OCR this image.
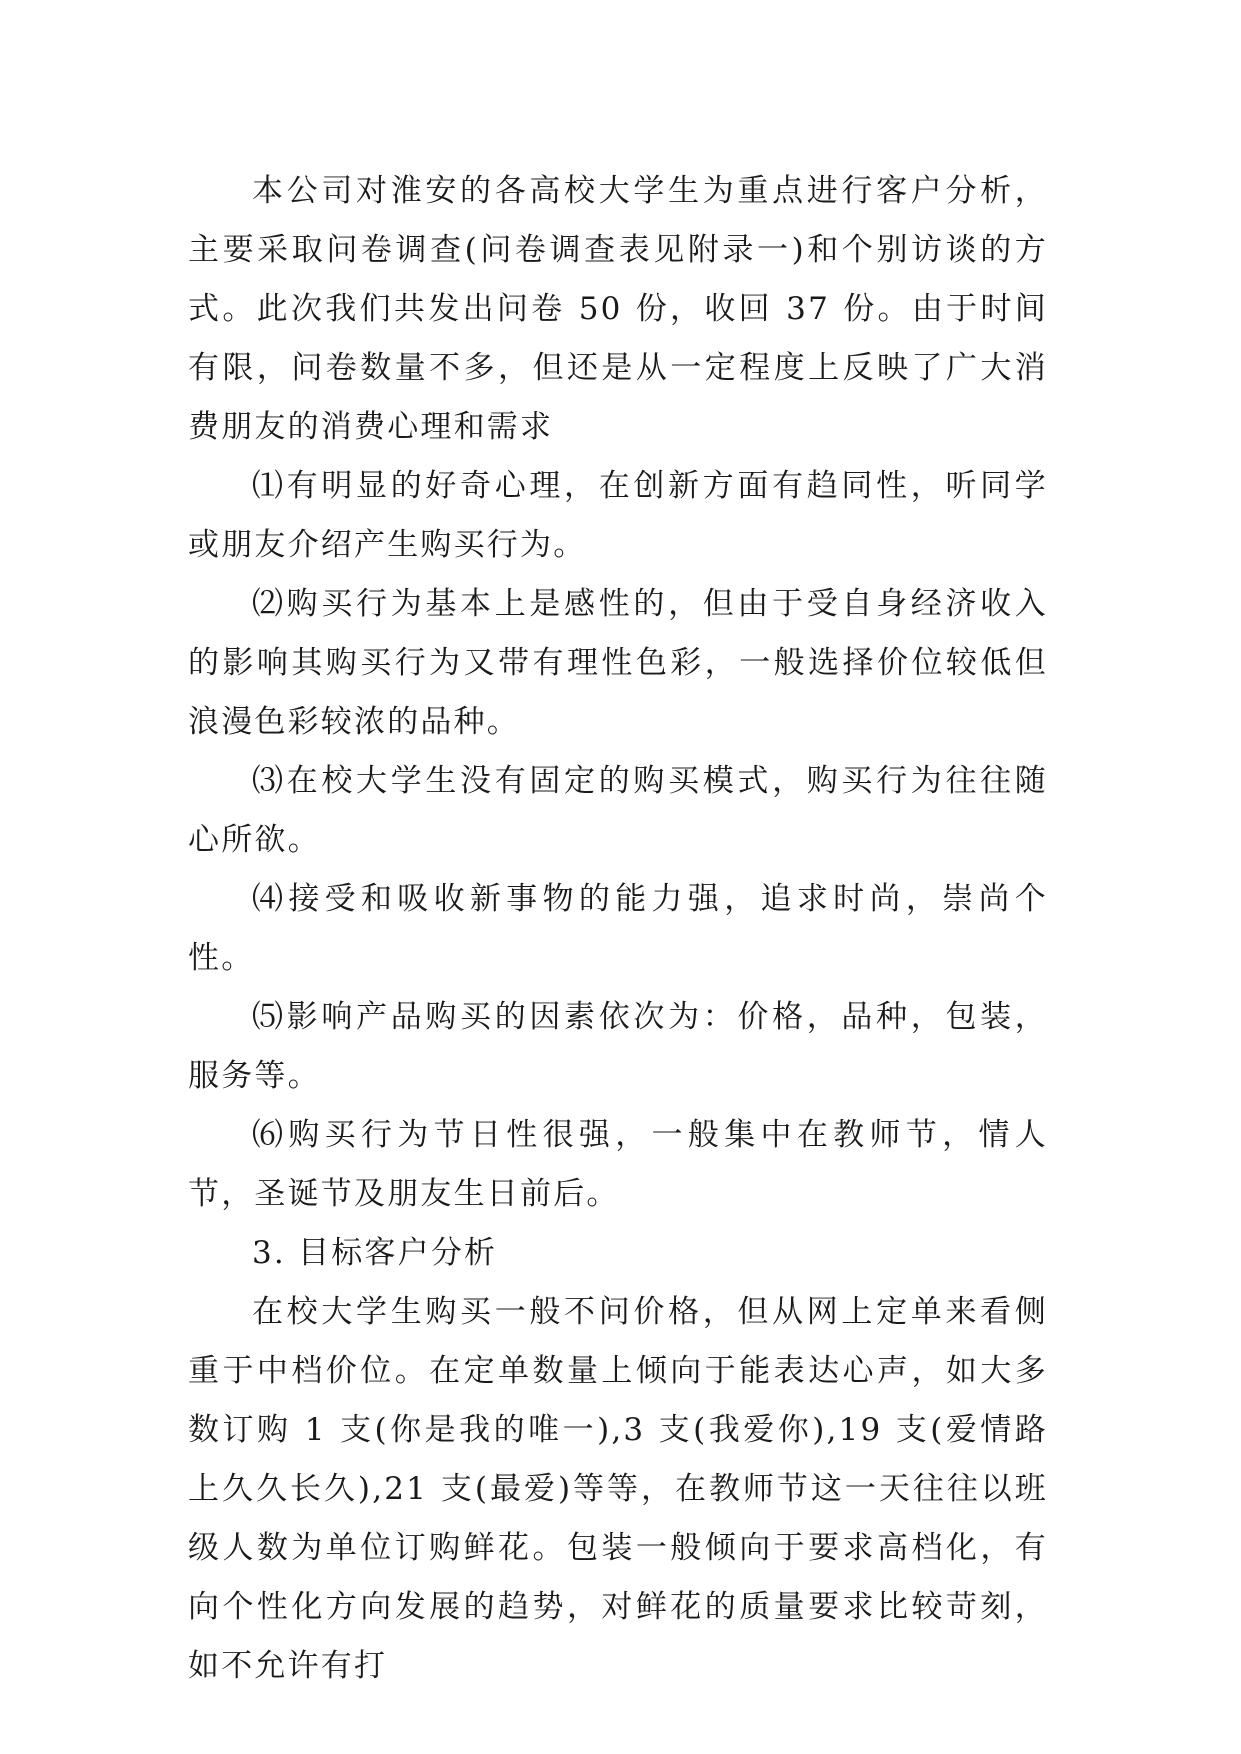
本公司对淮安的各高校大学生为重点进行客户分析，主要采取问卷调查(问卷调查表见附录一)和个别访谈的方式。此次我们共发出问卷 50 份，收回 37 份。由于时间有限，问卷数量不多，但还是从一定程度上反映了广大消费朋友的消费心理和需求

⑴有明显的好奇心理，在创新方面有趋同性，听同学或朋友介绍产生购买行为。

⑵购买行为基本上是感性的，但由于受自身经济收入的影响其购买行为又带有理性色彩，一般选择价位较低但浪漫色彩较浓的品种。

⑶在校大学生没有固定的购买模式，购买行为往往随心所欲。

⑷接受和吸收新事物的能力强，追求时尚，崇尚个性。

⑸影响产品购买的因素依次为：价格，品种，包装，服务等。

⑹购买行为节日性很强，一般集中在教师节，情人节，圣诞节及朋友生日前后。

3. 目标客户分析

在校大学生购买一般不问价格，但从网上定单来看侧重于中档价位。在定单数量上倾向于能表达心声，如大多数订购 1 支(你是我的唯一),3 支(我爱你),19 支(爱情路上久久长久),21 支(最爱)等等，在教师节这一天往往以班级人数为单位订购鲜花。包装一般倾向于要求高档化，有向个性化方向发展的趋势，对鲜花的质量要求比较苛刻，如不允许有打
